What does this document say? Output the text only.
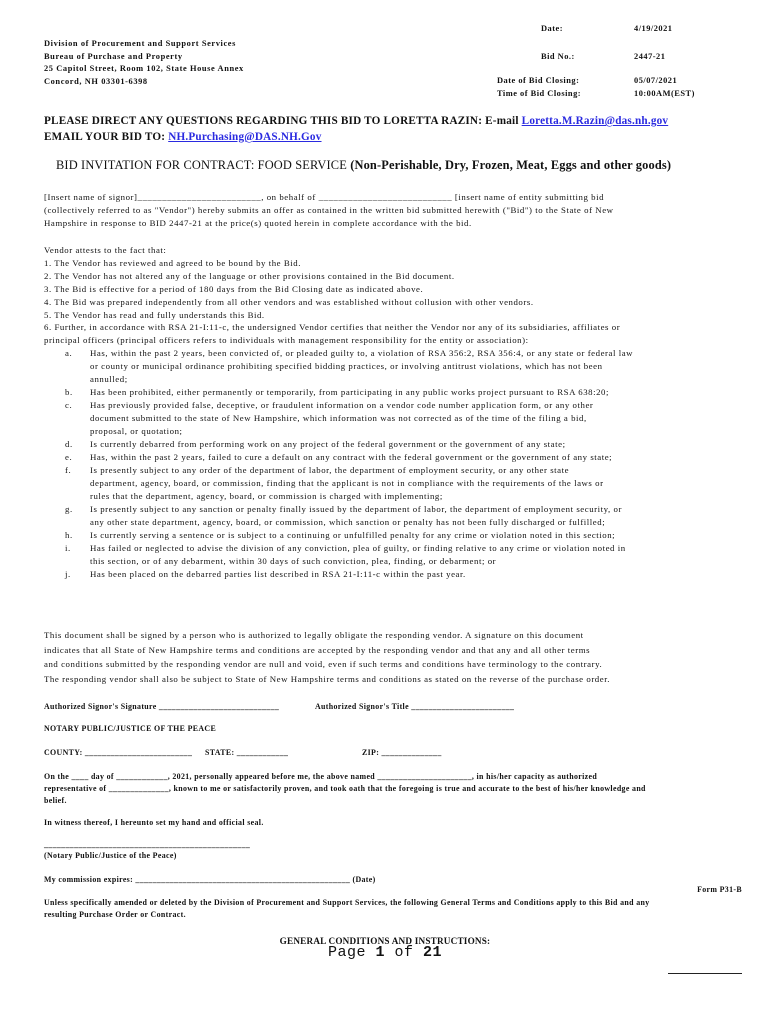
Division of Procurement and Support Services
Bureau of Purchase and Property
25 Capitol Street, Room 102, State House Annex
Concord, NH 03301-6398
Date:	4/19/2021
Bid No.:	2447-21
Date of Bid Closing:	05/07/2021
Time of Bid Closing:	10:00AM(EST)
PLEASE DIRECT ANY QUESTIONS REGARDING THIS BID TO LORETTA RAZIN: E-mail Loretta.M.Razin@das.nh.gov
EMAIL YOUR BID TO: NH.Purchasing@DAS.NH.Gov
BID INVITATION FOR CONTRACT: FOOD SERVICE (Non-Perishable, Dry, Frozen, Meat, Eggs and other goods)
[Insert name of signor]_________________________, on behalf of ___________________________ [insert name of entity submitting bid
(collectively referred to as "Vendor") hereby submits an offer as contained in the written bid submitted herewith ("Bid") to the State of New
Hampshire in response to BID 2447-21 at the price(s) quoted herein in complete accordance with the bid.
Vendor attests to the fact that:
1. The Vendor has reviewed and agreed to be bound by the Bid.
2. The Vendor has not altered any of the language or other provisions contained in the Bid document.
3. The Bid is effective for a period of 180 days from the Bid Closing date as indicated above.
4. The Bid was prepared independently from all other vendors and was established without collusion with other vendors.
5. The Vendor has read and fully understands this Bid.
6. Further, in accordance with RSA 21-I:11-c, the undersigned Vendor certifies that neither the Vendor nor any of its subsidiaries, affiliates or
principal officers (principal officers refers to individuals with management responsibility for the entity or association):
a. Has, within the past 2 years, been convicted of, or pleaded guilty to, a violation of RSA 356:2, RSA 356:4, or any state or federal law
or county or municipal ordinance prohibiting specified bidding practices, or involving antitrust violations, which has not been
annulled;
b. Has been prohibited, either permanently or temporarily, from participating in any public works project pursuant to RSA 638:20;
c. Has previously provided false, deceptive, or fraudulent information on a vendor code number application form, or any other
document submitted to the state of New Hampshire, which information was not corrected as of the time of the filing a bid,
proposal, or quotation;
d. Is currently debarred from performing work on any project of the federal government or the government of any state;
e. Has, within the past 2 years, failed to cure a default on any contract with the federal government or the government of any state;
f. Is presently subject to any order of the department of labor, the department of employment security, or any other state
department, agency, board, or commission, finding that the applicant is not in compliance with the requirements of the laws or
rules that the department, agency, board, or commission is charged with implementing;
g. Is presently subject to any sanction or penalty finally issued by the department of labor, the department of employment security, or
any other state department, agency, board, or commission, which sanction or penalty has not been fully discharged or fulfilled;
h. Is currently serving a sentence or is subject to a continuing or unfulfilled penalty for any crime or violation noted in this section;
i. Has failed or neglected to advise the division of any conviction, plea of guilty, or finding relative to any crime or violation noted in
this section, or of any debarment, within 30 days of such conviction, plea, finding, or debarment; or
j. Has been placed on the debarred parties list described in RSA 21-I:11-c within the past year.
This document shall be signed by a person who is authorized to legally obligate the responding vendor. A signature on this document
indicates that all State of New Hampshire terms and conditions are accepted by the responding vendor and that any and all other terms
and conditions submitted by the responding vendor are null and void, even if such terms and conditions have terminology to the contrary.
The responding vendor shall also be subject to State of New Hampshire terms and conditions as stated on the reverse of the purchase order.
Authorized Signor's Signature ____________________________	Authorized Signor's Title ________________________
NOTARY PUBLIC/JUSTICE OF THE PEACE
COUNTY: _________________________ STATE: ____________	ZIP: ______________
On the ____ day of ____________, 2021, personally appeared before me, the above named ______________________, in his/her capacity as authorized
representative of ______________, known to me or satisfactorily proven, and took oath that the foregoing is true and accurate to the best of his/her knowledge and
belief.
In witness thereof, I hereunto set my hand and official seal.
________________________________________________
(Notary Public/Justice of the Peace)
My commission expires: __________________________________________________ (Date)
Form P31-B
Unless specifically amended or deleted by the Division of Procurement and Support Services, the following General Terms and Conditions apply to this Bid and any
resulting Purchase Order or Contract.
GENERAL CONDITIONS AND INSTRUCTIONS:
Page 1 of 21
